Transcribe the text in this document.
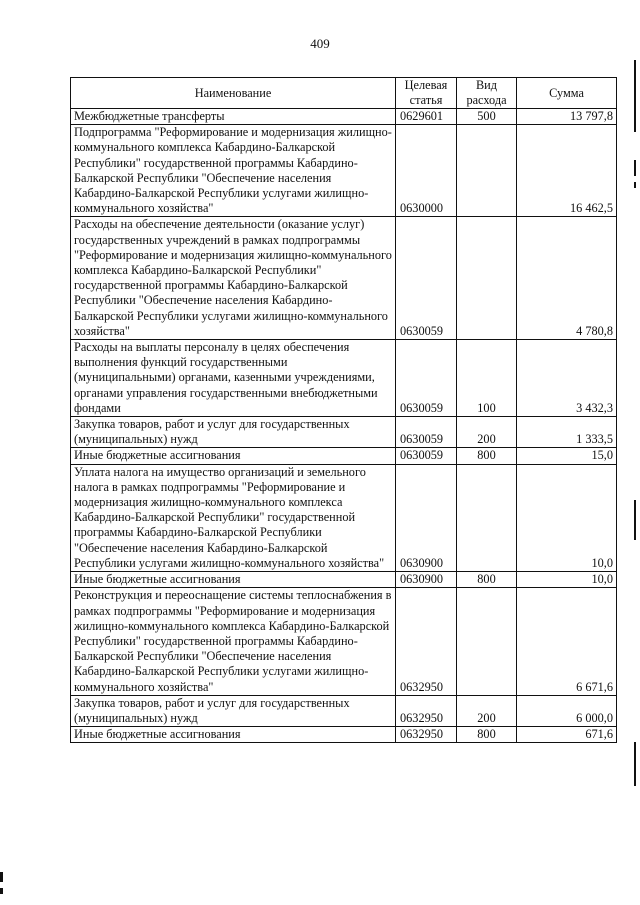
409
Наименование	Целевая статья	Вид расхода	Сумма
Межбюджетные трансферты	0629601	500	13 797,8
Подпрограмма "Реформирование и модернизация жилищно-коммунального комплекса Кабардино-Балкарской Республики" государственной программы Кабардино-Балкарской Республики "Обеспечение населения Кабардино-Балкарской Республики услугами жилищно-коммунального хозяйства"	0630000		16 462,5
Расходы на обеспечение деятельности (оказание услуг) государственных учреждений в рамках подпрограммы "Реформирование и модернизация жилищно-коммунального комплекса Кабардино-Балкарской Республики" государственной программы Кабардино-Балкарской Республики "Обеспечение населения Кабардино-Балкарской Республики услугами жилищно-коммунального хозяйства"	0630059		4 780,8
Расходы на выплаты персоналу в целях обеспечения выполнения функций государственными (муниципальными) органами, казенными учреждениями, органами управления государственными внебюджетными фондами	0630059	100	3 432,3
Закупка товаров, работ и услуг для государственных (муниципальных) нужд	0630059	200	1 333,5
Иные бюджетные ассигнования	0630059	800	15,0
Уплата налога на имущество организаций и земельного налога в рамках подпрограммы "Реформирование и модернизация жилищно-коммунального комплекса Кабардино-Балкарской Республики" государственной программы Кабардино-Балкарской Республики "Обеспечение населения Кабардино-Балкарской Республики услугами жилищно-коммунального хозяйства"	0630900		10,0
Иные бюджетные ассигнования	0630900	800	10,0
Реконструкция и переоснащение системы теплоснабжения в рамках подпрограммы "Реформирование и модернизация жилищно-коммунального комплекса Кабардино-Балкарской Республики" государственной программы Кабардино-Балкарской Республики "Обеспечение населения Кабардино-Балкарской Республики услугами жилищно-коммунального хозяйства"	0632950		6 671,6
Закупка товаров, работ и услуг для государственных (муниципальных) нужд	0632950	200	6 000,0
Иные бюджетные ассигнования	0632950	800	671,6
